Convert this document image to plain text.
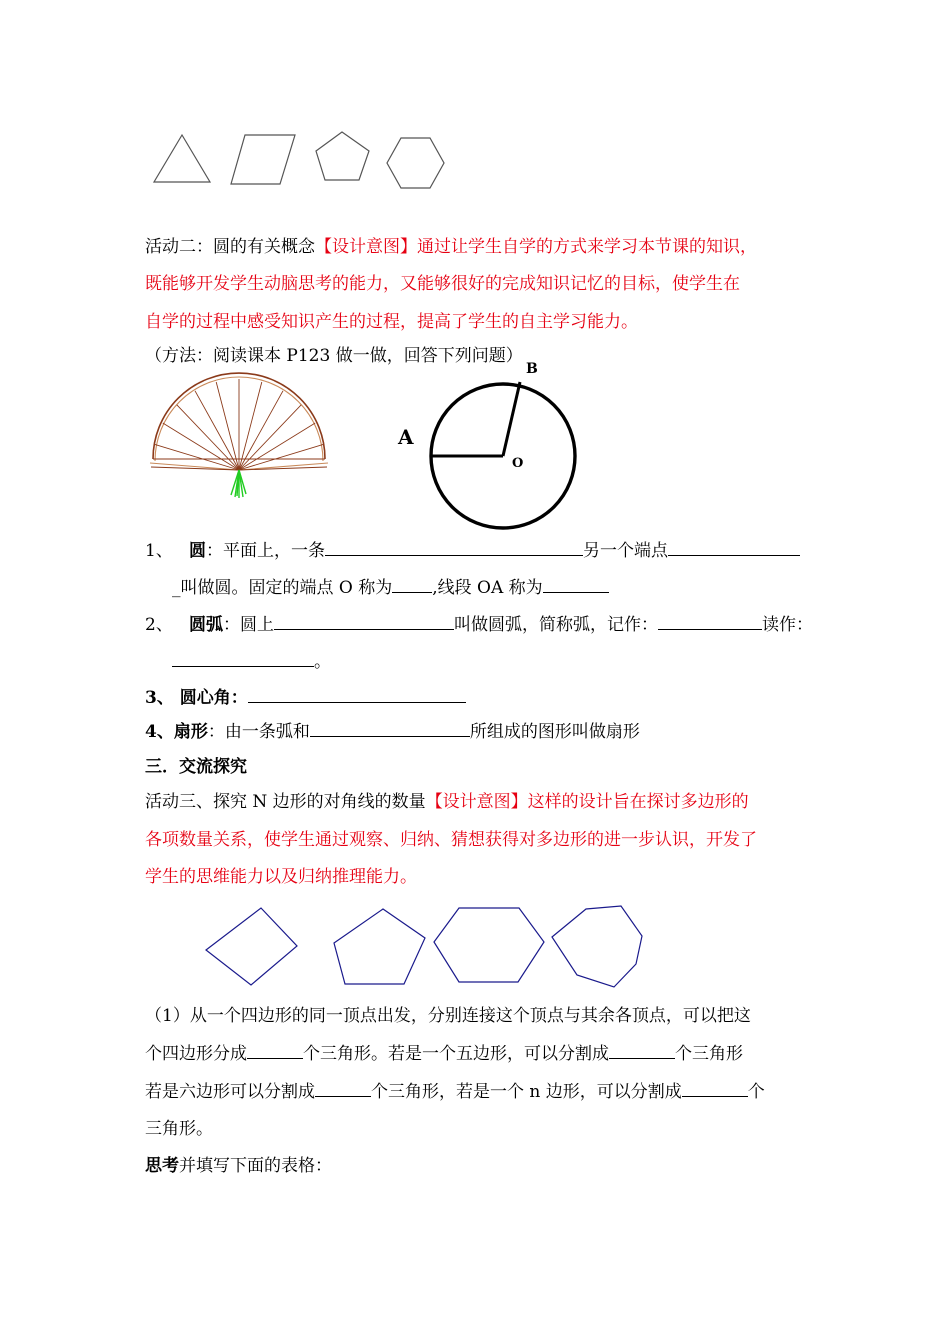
活动二：圆的有关概念【设计意图】通过让学生自学的方式来学习本节课的知识，
既能够开发学生动脑思考的能力，又能够很好的完成知识记忆的目标，使学生在
自学的过程中感受知识产生的过程，提高了学生的自主学习能力。
（方法：阅读课本 P123 做一做，回答下列问题）
A
B
O
1、 圆：平面上，一条	另一个端点
_叫做圆。固定的端点 O 称为 ,线段 OA 称为
2、 圆弧：圆上	叫做圆弧，简称弧，记作：	读作：
。
3、 圆心角：
4、扇形：由一条弧和	所组成的图形叫做扇形
三．交流探究
活动三、探究 N 边形的对角线的数量【设计意图】这样的设计旨在探讨多边形的
各项数量关系，使学生通过观察、归纳、猜想获得对多边形的进一步认识，开发了
学生的思维能力以及归纳推理能力。
（1）从一个四边形的同一顶点出发，分别连接这个顶点与其余各顶点，可以把这
个四边形分成	个三角形。若是一个五边形，可以分割成	个三角形
若是六边形可以分割成	个三角形，若是一个 n 边形，可以分割成	个
三角形。
思考并填写下面的表格：
